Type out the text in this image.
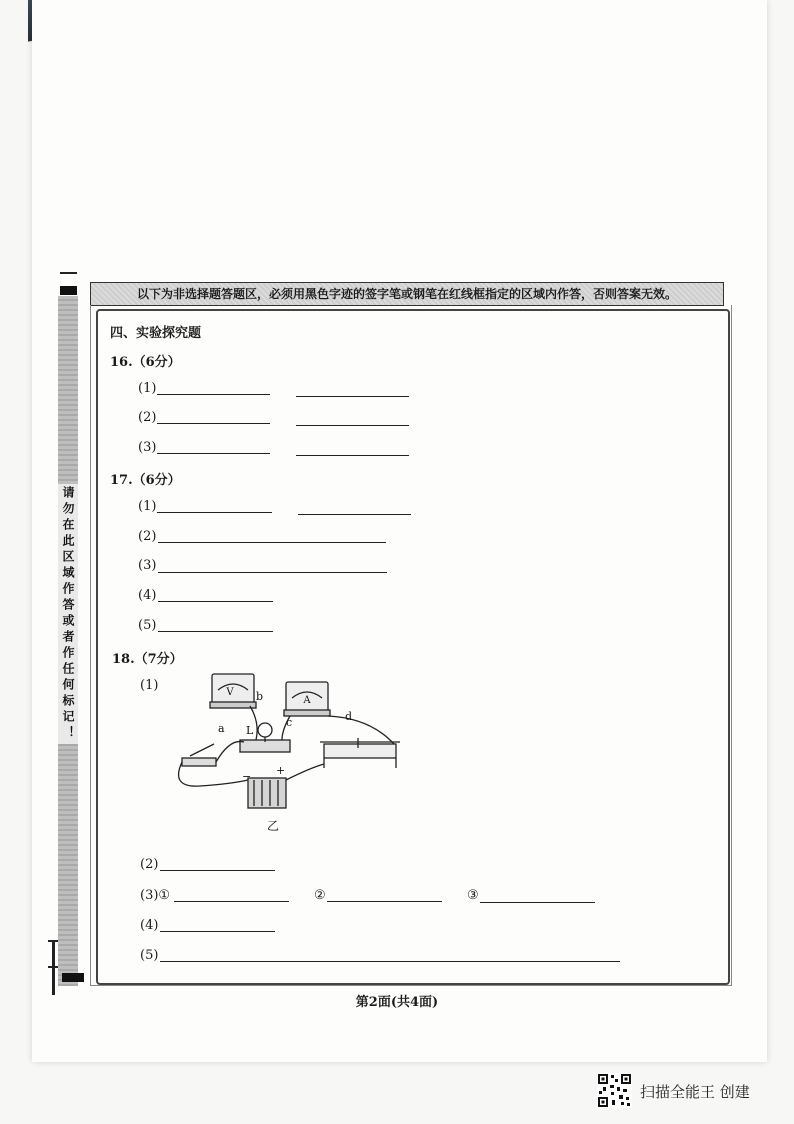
请勿在此区域作答或者作任何标记！
以下为非选择题答题区，必须用黑色字迹的签字笔或钢笔在红线框指定的区域内作答，否则答案无效。
四、实验探究题
16.（6分）
(1)
(2)
(3)
17.（6分）
(1)
(2)
(3)
(4)
(5)
18.（7分）
(1)	V
A
a
b
c	d
L
− +
乙
(2)
(3)①	②	③
(4)
(5)
第2面(共4面)
扫描全能王 创建
